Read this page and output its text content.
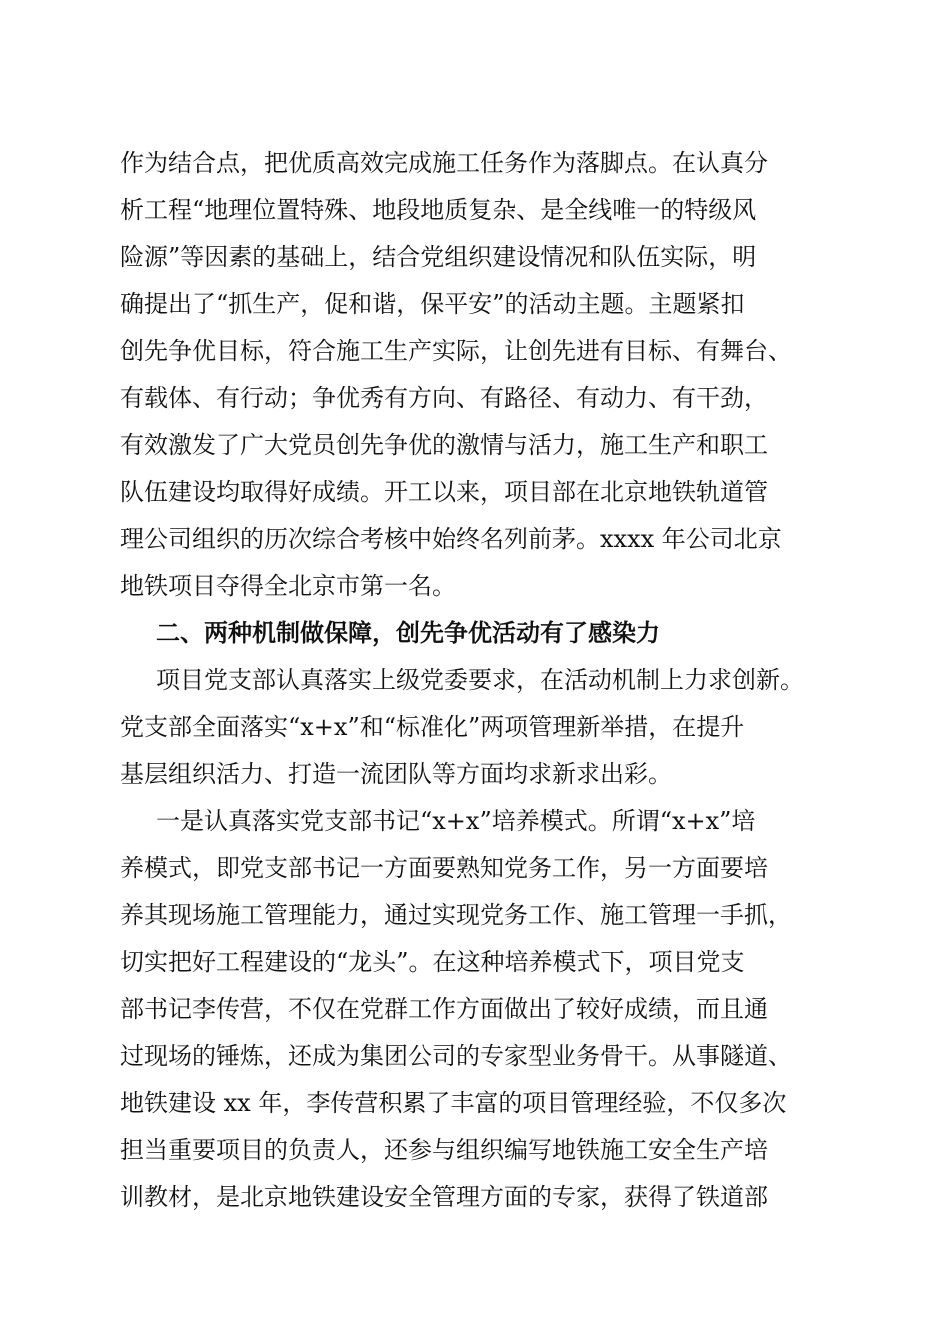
作为结合点，把优质高效完成施工任务作为落脚点。在认真分
析工程“地理位置特殊、地段地质复杂、是全线唯一的特级风
险源”等因素的基础上，结合党组织建设情况和队伍实际，明
确提出了“抓生产，促和谐，保平安”的活动主题。主题紧扣
创先争优目标，符合施工生产实际，让创先进有目标、有舞台、
有载体、有行动；争优秀有方向、有路径、有动力、有干劲，
有效激发了广大党员创先争优的激情与活力，施工生产和职工
队伍建设均取得好成绩。开工以来，项目部在北京地铁轨道管
理公司组织的历次综合考核中始终名列前茅。xxxx 年公司北京
地铁项目夺得全北京市第一名。
二、两种机制做保障，创先争优活动有了感染力
项目党支部认真落实上级党委要求，在活动机制上力求创新。
党支部全面落实“x+x”和“标准化”两项管理新举措，在提升
基层组织活力、打造一流团队等方面均求新求出彩。
一是认真落实党支部书记“x+x”培养模式。所谓“x+x”培
养模式，即党支部书记一方面要熟知党务工作，另一方面要培
养其现场施工管理能力，通过实现党务工作、施工管理一手抓，
切实把好工程建设的“龙头”。在这种培养模式下，项目党支
部书记李传营，不仅在党群工作方面做出了较好成绩，而且通
过现场的锤炼，还成为集团公司的专家型业务骨干。从事隧道、
地铁建设 xx 年，李传营积累了丰富的项目管理经验，不仅多次
担当重要项目的负责人，还参与组织编写地铁施工安全生产培
训教材，是北京地铁建设安全管理方面的专家，获得了铁道部
